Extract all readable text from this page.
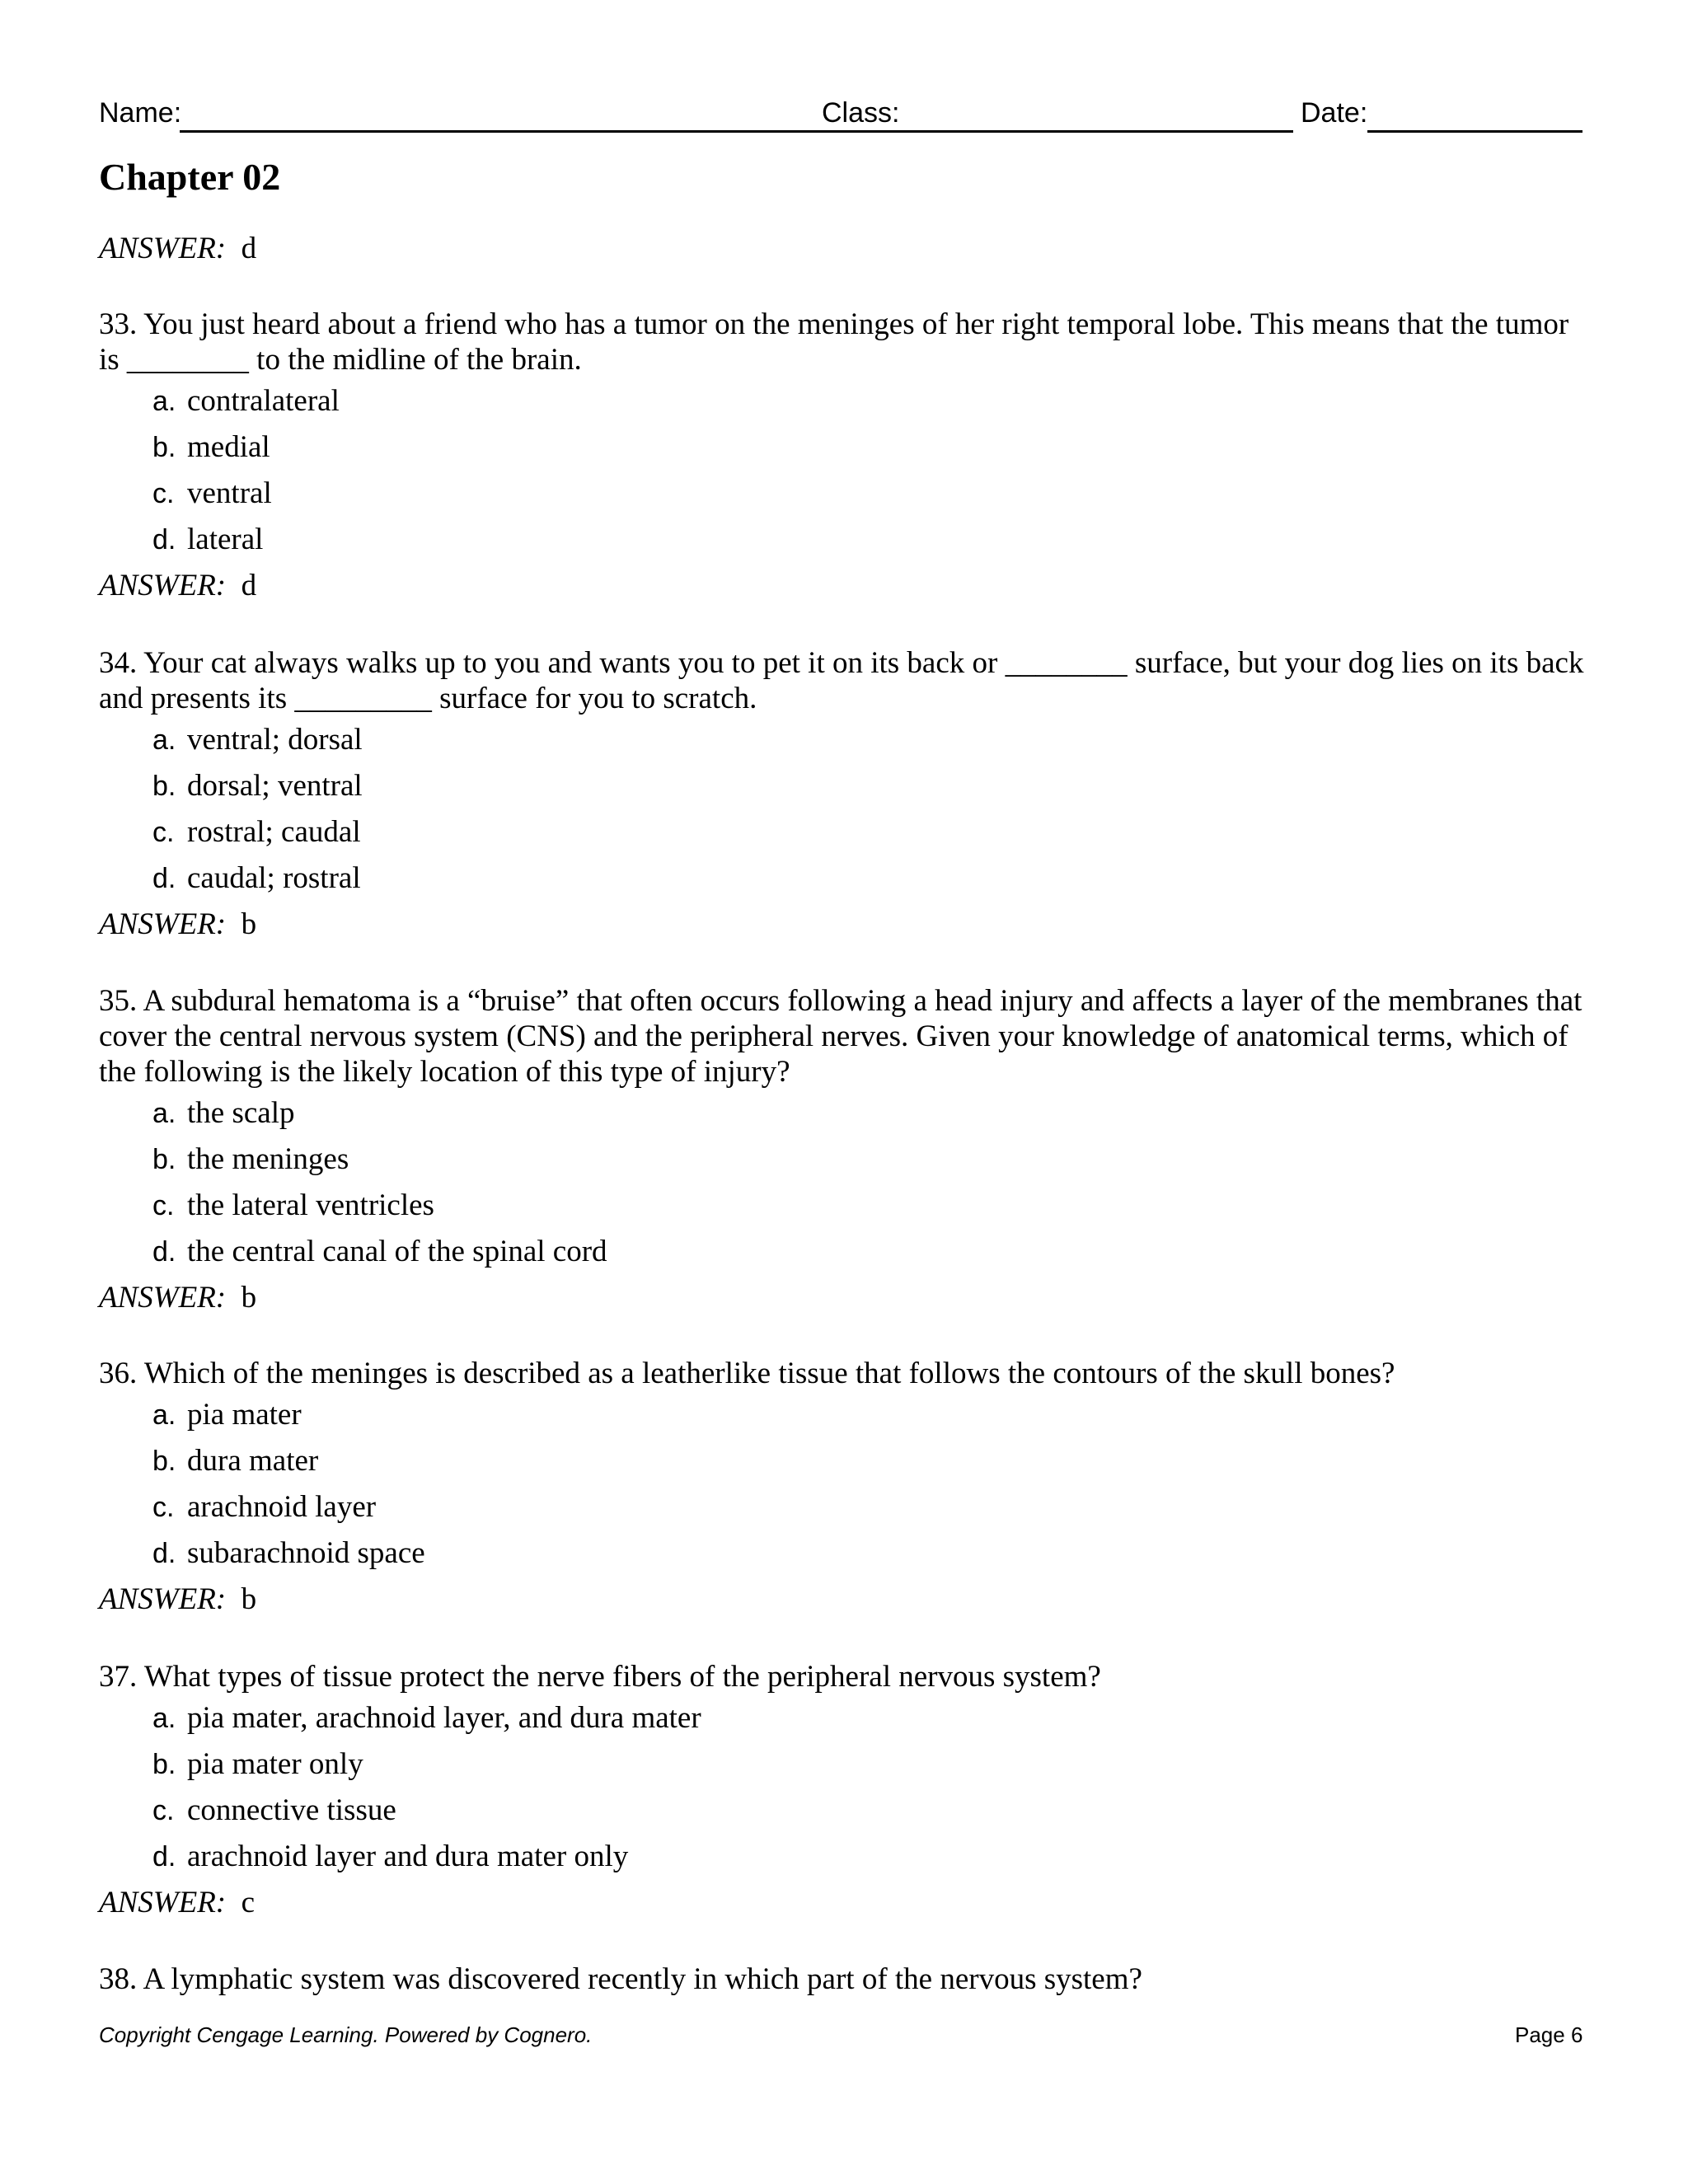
Name:	Class:	Date:
Chapter 02
ANSWER: d
33. You just heard about a friend who has a tumor on the meninges of her right temporal lobe. This means that the tumor is ________ to the midline of the brain.
a. contralateral
b. medial
c. ventral
d. lateral
ANSWER: d
34. Your cat always walks up to you and wants you to pet it on its back or ________ surface, but your dog lies on its back and presents its _________ surface for you to scratch.
a. ventral; dorsal
b. dorsal; ventral
c. rostral; caudal
d. caudal; rostral
ANSWER: b
35. A subdural hematoma is a “bruise” that often occurs following a head injury and affects a layer of the membranes that cover the central nervous system (CNS) and the peripheral nerves. Given your knowledge of anatomical terms, which of the following is the likely location of this type of injury?
a. the scalp
b. the meninges
c. the lateral ventricles
d. the central canal of the spinal cord
ANSWER: b
36. Which of the meninges is described as a leatherlike tissue that follows the contours of the skull bones?
a. pia mater
b. dura mater
c. arachnoid layer
d. subarachnoid space
ANSWER: b
37. What types of tissue protect the nerve fibers of the peripheral nervous system?
a. pia mater, arachnoid layer, and dura mater
b. pia mater only
c. connective tissue
d. arachnoid layer and dura mater only
ANSWER: c
38. A lymphatic system was discovered recently in which part of the nervous system?
Copyright Cengage Learning. Powered by Cognero.	Page 6
